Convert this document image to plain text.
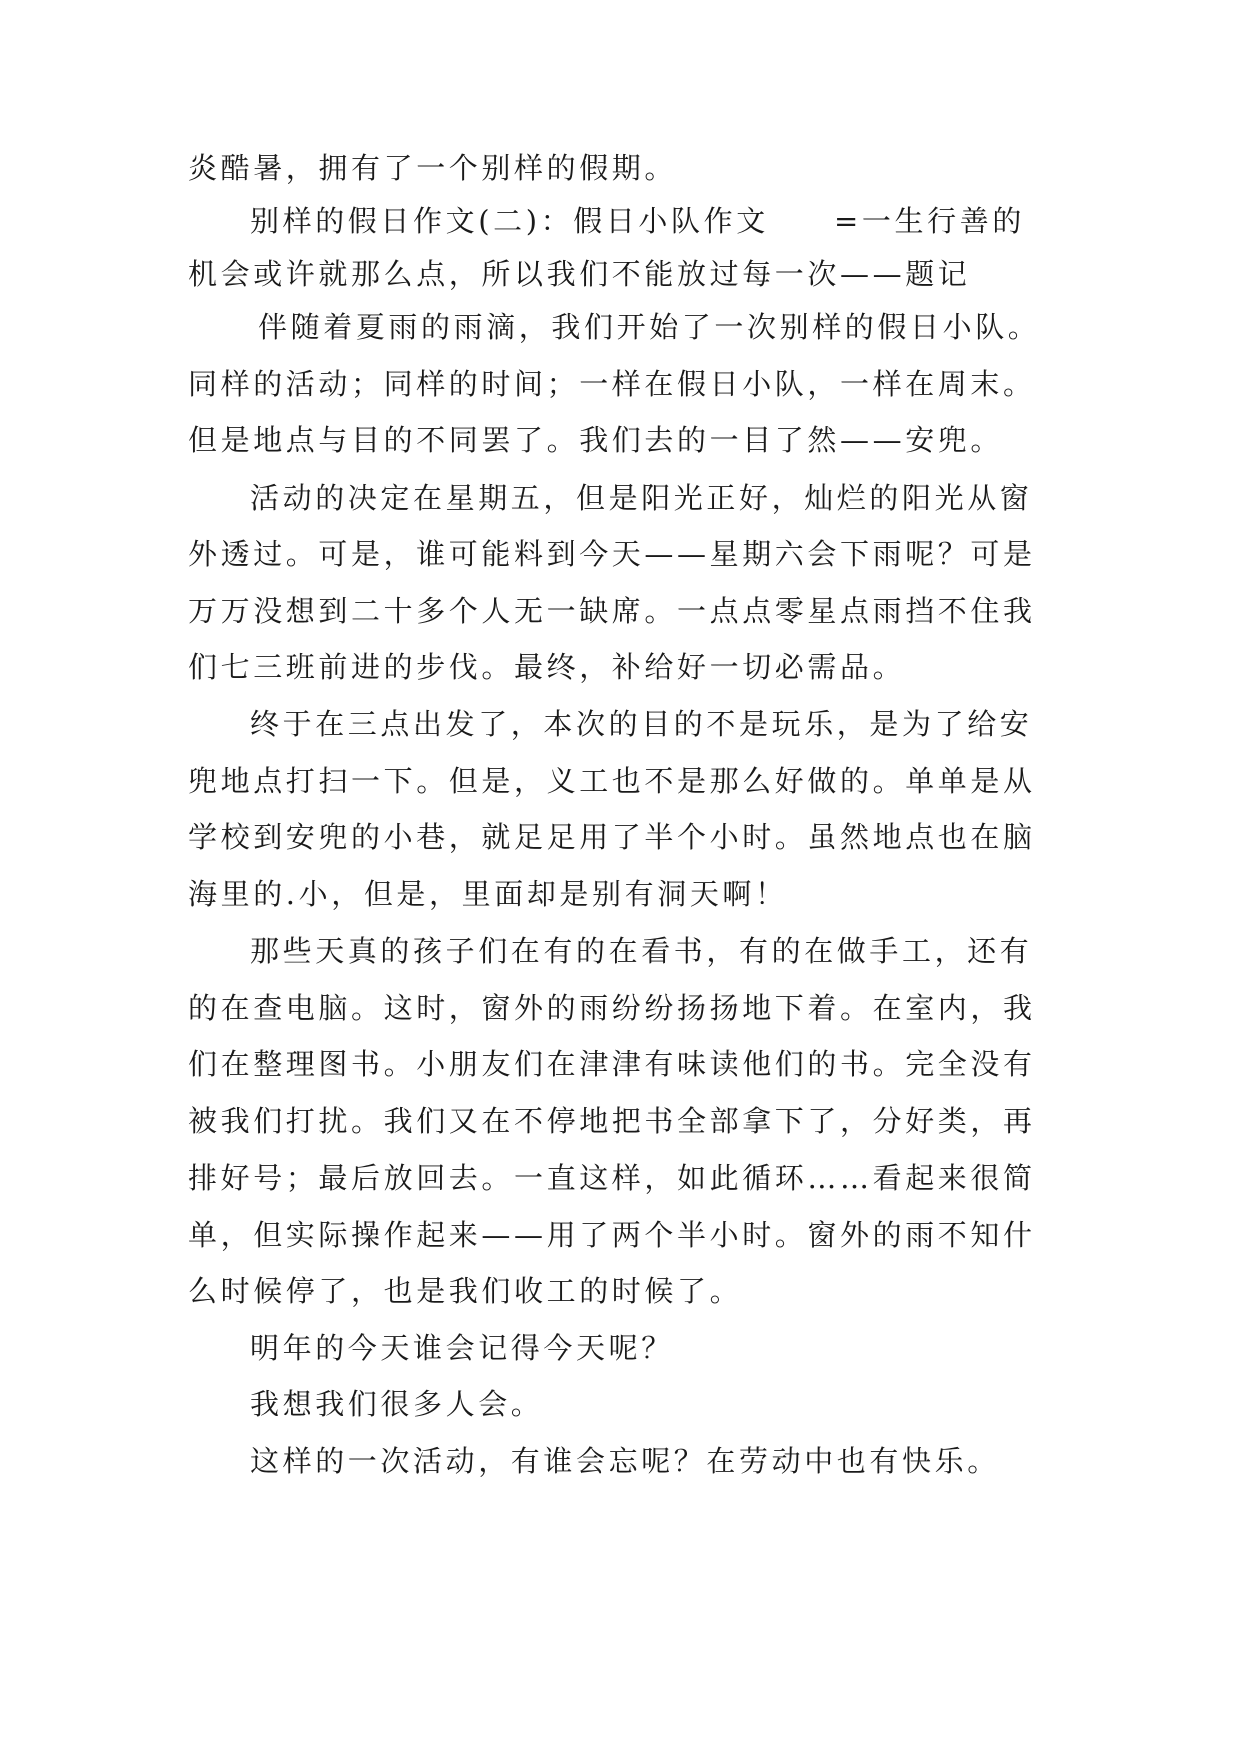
炎酷暑，拥有了一个别样的假期。
别样的假日作文(二)：假日小队作文　　=一生行善的
机会或许就那么点，所以我们不能放过每一次——题记
伴随着夏雨的雨滴，我们开始了一次别样的假日小队。
同样的活动；同样的时间；一样在假日小队，一样在周末。
但是地点与目的不同罢了。我们去的一目了然——安兜。
活动的决定在星期五，但是阳光正好，灿烂的阳光从窗
外透过。可是，谁可能料到今天——星期六会下雨呢？可是
万万没想到二十多个人无一缺席。一点点零星点雨挡不住我
们七三班前进的步伐。最终，补给好一切必需品。
终于在三点出发了，本次的目的不是玩乐，是为了给安
兜地点打扫一下。但是，义工也不是那么好做的。单单是从
学校到安兜的小巷，就足足用了半个小时。虽然地点也在脑
海里的.小，但是，里面却是别有洞天啊！
那些天真的孩子们在有的在看书，有的在做手工，还有
的在查电脑。这时，窗外的雨纷纷扬扬地下着。在室内，我
们在整理图书。小朋友们在津津有味读他们的书。完全没有
被我们打扰。我们又在不停地把书全部拿下了，分好类，再
排好号；最后放回去。一直这样，如此循环……看起来很简
单，但实际操作起来——用了两个半小时。窗外的雨不知什
么时候停了，也是我们收工的时候了。
明年的今天谁会记得今天呢？
我想我们很多人会。
这样的一次活动，有谁会忘呢？在劳动中也有快乐。
